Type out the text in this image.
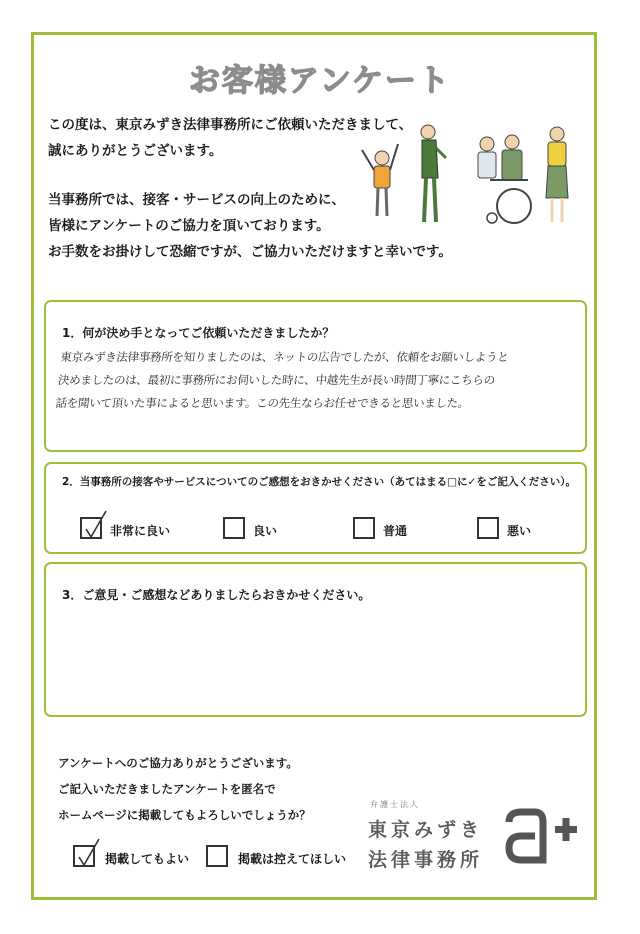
お客様アンケート

この度は、東京みずき法律事務所にご依頼いただきまして、

誠にありがとうございます。

当事務所では、接客・サービスの向上のために、

皆様にアンケートのご協力を頂いております。

お手数をお掛けして恐縮ですが、ご協力いただけますと幸いです。

1．何が決め手となってご依頼いただきましたか？
東京みずき法律事務所を知りましたのは、ネットの広告でしたが、依頼をお願いしようと
決めましたのは、最初に事務所にお伺いした時に、中越先生が長い時間丁寧にこちらの
話を聞いて頂いた事によると思います。この先生ならお任せできると思いました。
2．当事務所の接客やサービスについてのご感想をおきかせください（あてはまる□に✓をご記入ください）。
非常に良い	良い	普通	悪い
3．ご意見・ご感想などありましたらおきかせください。

アンケートへのご協力ありがとうございます。

ご記入いただきましたアンケートを匿名で

ホームページに掲載してもよろしいでしょうか？

掲載してもよい	掲載は控えてほしい
弁護士法人
東京みずき
法律事務所
